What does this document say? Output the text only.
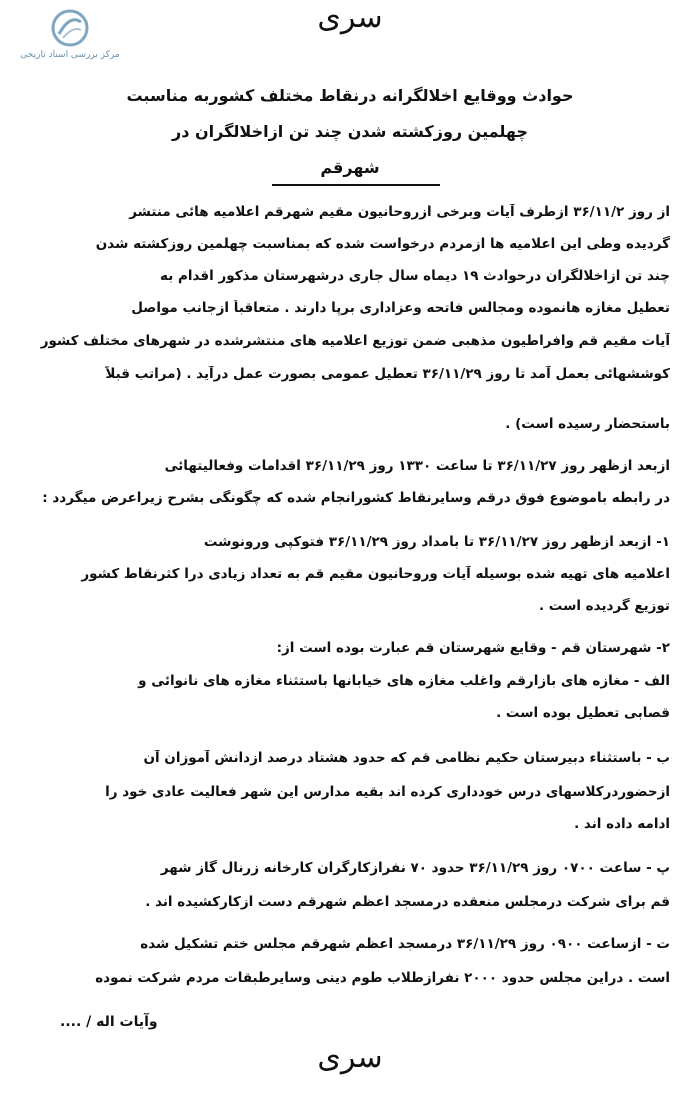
مرکز بررسی اسناد تاریخی
سری
حوادث ووقایع اخلالگرانه درنقاط مختلف کشوربه مناسبت
چهلمین روزکشته شدن چند تن ازاخلالگران در
شهرقم
از روز ۳۶/۱۱/۲ ازطرف آیات وبرخی ازروحانیون مقیم شهرقم اعلامیه هائی منتشر
گردیده وطی این اعلامیه ها ازمردم درخواست شده که بمناسبت چهلمین روزکشته شدن
چند تن ازاخلالگران درحوادث ۱۹ دیماه سال جاری درشهرستان مذکور اقدام به
تعطیل مغازه هانموده ومجالس فاتحه وعزاداری برپا دارند . متعاقباً ازجانب مواصل
آیات مقیم قم وافراطیون مذهبی ضمن توزیع اعلامیه های منتشرشده در شهرهای مختلف کشور
کوششهائی بعمل آمد تا روز ۳۶/۱۱/۲۹ تعطیل عمومی بصورت عمل درآید . (مراتب قبلاً
باستحضار رسیده است) .
ازبعد ازظهر روز ۳۶/۱۱/۲۷ تا ساعت ۱۳۳۰ روز ۳۶/۱۱/۲۹ اقدامات وفعالیتهائی
در رابطه باموضوع فوق درقم وسایرنقاط کشورانجام شده که چگونگی بشرح زیراعرض میگردد :
۱- ازبعد ازظهر روز ۳۶/۱۱/۲۷ تا بامداد روز ۳۶/۱۱/۲۹ فتوکپی ورونوشت
اعلامیه های تهیه شده بوسیله آیات وروحانیون مقیم قم به تعداد زیادی درا کثرنقاط کشور
توزیع گردیده است .
۲- شهرستان قم - وقایع شهرستان قم عبارت بوده است از:
الف - مغازه های بازارقم واغلب مغازه های خیابانها باستثناء مغازه های نانوائی و
قصابی تعطیل بوده است .
ب - باستثناء دبیرستان حکیم نظامی قم که حدود هشتاد درصد ازدانش آموزان آن
ازحضوردرکلاسهای درس خودداری کرده اند بقیه مدارس این شهر فعالیت عادی خود را
ادامه داده اند .
پ - ساعت ۰۷۰۰ روز ۳۶/۱۱/۲۹ حدود ۷۰ نفرازکارگران کارخانه زرنال گاز شهر
قم برای شرکت درمجلس منعقده درمسجد اعظم شهرقم دست ازکارکشیده اند .
ت - ازساعت ۰۹۰۰ روز ۳۶/۱۱/۲۹ درمسجد اعظم شهرقم مجلس ختم تشکیل شده
است . دراین مجلس حدود ۲۰۰۰ نفرازطلاب طوم دینی وسایرطبقات مردم شرکت نموده
وآیات اله / ....
سری
